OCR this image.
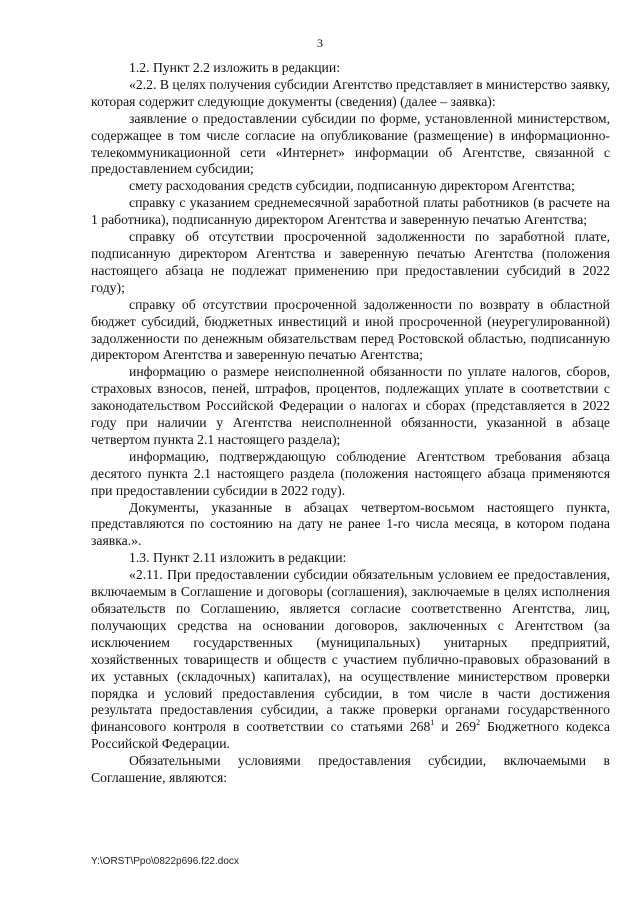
3

1.2. Пункт 2.2 изложить в редакции:

«2.2. В целях получения субсидии Агентство представляет в министерство заявку, которая содержит следующие документы (сведения) (далее – заявка):

заявление о предоставлении субсидии по форме, установленной министерством, содержащее в том числе согласие на опубликование (размещение) в информационно-телекоммуникационной сети «Интернет» информации об Агентстве, связанной с предоставлением субсидии;

смету расходования средств субсидии, подписанную директором Агентства;

справку с указанием среднемесячной заработной платы работников (в расчете на 1 работника), подписанную директором Агентства и заверенную печатью Агентства;

справку об отсутствии просроченной задолженности по заработной плате, подписанную директором Агентства и заверенную печатью Агентства (положения настоящего абзаца не подлежат применению при предоставлении субсидий в 2022 году);

справку об отсутствии просроченной задолженности по возврату в областной бюджет субсидий, бюджетных инвестиций и иной просроченной (неурегулированной) задолженности по денежным обязательствам перед Ростовской областью, подписанную директором Агентства и заверенную печатью Агентства;

информацию о размере неисполненной обязанности по уплате налогов, сборов, страховых взносов, пеней, штрафов, процентов, подлежащих уплате в соответствии с законодательством Российской Федерации о налогах и сборах (представляется в 2022 году при наличии у Агентства неисполненной обязанности, указанной в абзаце четвертом пункта 2.1 настоящего раздела);

информацию, подтверждающую соблюдение Агентством требования абзаца десятого пункта 2.1 настоящего раздела (положения настоящего абзаца применяются при предоставлении субсидии в 2022 году).

Документы, указанные в абзацах четвертом-восьмом настоящего пункта, представляются по состоянию на дату не ранее 1-го числа месяца, в котором подана заявка.».

1.3. Пункт 2.11 изложить в редакции:

«2.11. При предоставлении субсидии обязательным условием ее предоставления, включаемым в Соглашение и договоры (соглашения), заключаемые в целях исполнения обязательств по Соглашению, является согласие соответственно Агентства, лиц, получающих средства на основании договоров, заключенных с Агентством (за исключением государственных (муниципальных) унитарных предприятий, хозяйственных товариществ и обществ с участием публично-правовых образований в их уставных (складочных) капиталах), на осуществление министерством проверки порядка и условий предоставления субсидии, в том числе в части достижения результата предоставления субсидии, а также проверки органами государственного финансового контроля в соответствии со статьями $268^1$ и $269^2$ Бюджетного кодекса Российской Федерации.

Обязательными условиями предоставления субсидии, включаемыми в Соглашение, являются:

Y:\ORST\Ppo\0822p696.f22.docx
